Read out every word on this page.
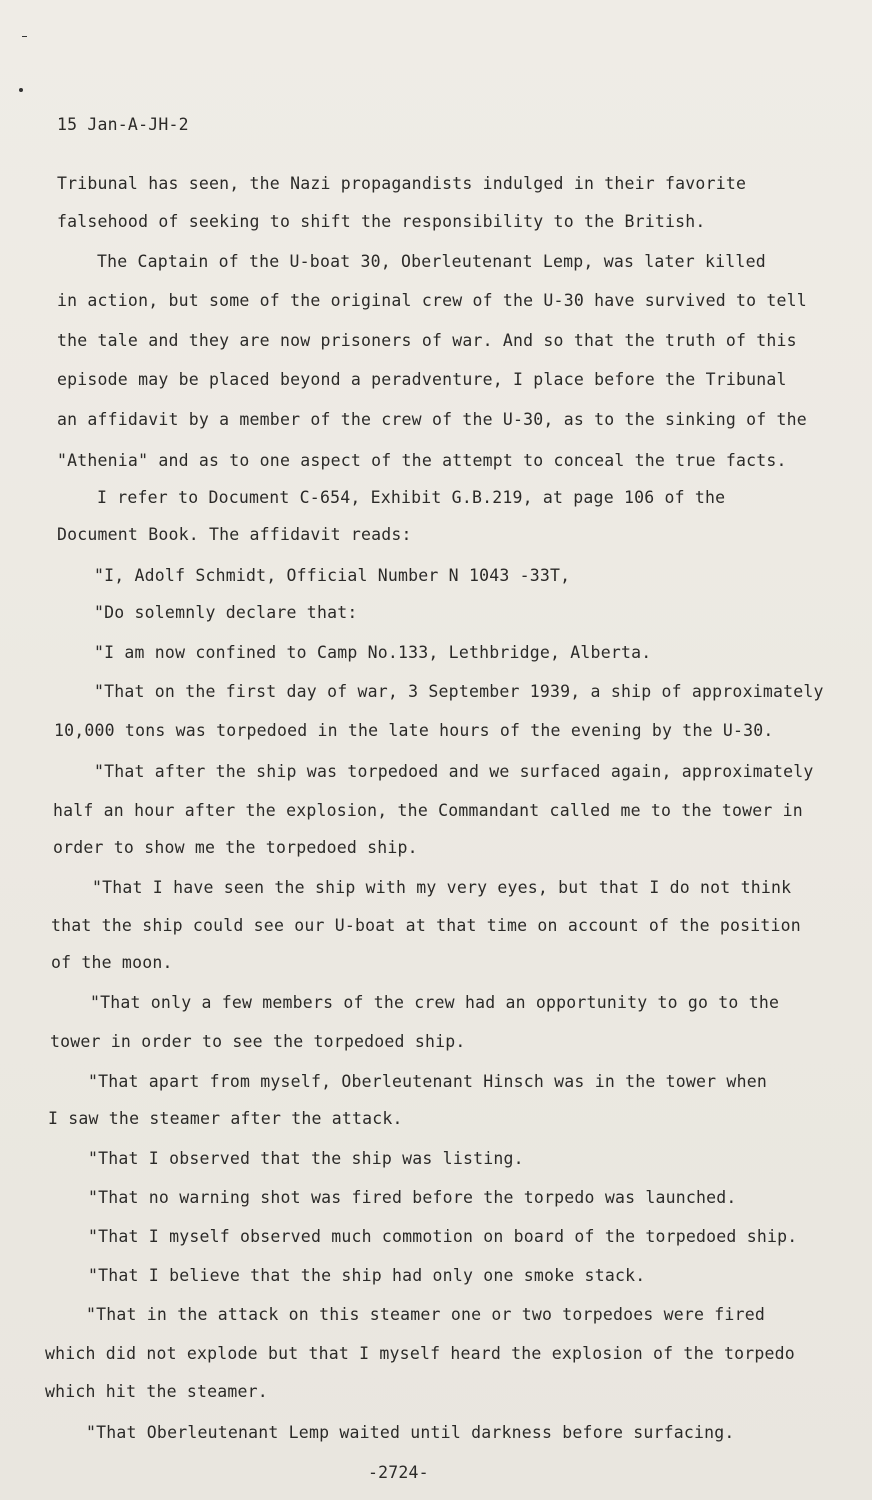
15 Jan-A-JH-2
Tribunal has seen, the Nazi propagandists indulged in their favorite
falsehood of seeking to shift the responsibility to the British.
The Captain of the U-boat 30, Oberleutenant Lemp, was later killed
in action, but some of the original crew of the U-30 have survived to tell
the tale and they are now prisoners of war. And so that the truth of this
episode may be placed beyond a peradventure, I place before the Tribunal
an affidavit by a member of the crew of the U-30, as to the sinking of the
"Athenia" and as to one aspect of the attempt to conceal the true facts.
I refer to Document C-654, Exhibit G.B.219, at page 106 of the
Document Book. The affidavit reads:
"I, Adolf Schmidt, Official Number N 1043 -33T,
"Do solemnly declare that:
"I am now confined to Camp No.133, Lethbridge, Alberta.
"That on the first day of war, 3 September 1939, a ship of approximately
10,000 tons was torpedoed in the late hours of the evening by the U-30.
"That after the ship was torpedoed and we surfaced again, approximately
half an hour after the explosion, the Commandant called me to the tower in
order to show me the torpedoed ship.
"That I have seen the ship with my very eyes, but that I do not think
that the ship could see our U-boat at that time on account of the position
of the moon.
"That only a few members of the crew had an opportunity to go to the
tower in order to see the torpedoed ship.
"That apart from myself, Oberleutenant Hinsch was in the tower when
I saw the steamer after the attack.
"That I observed that the ship was listing.
"That no warning shot was fired before the torpedo was launched.
"That I myself observed much commotion on board of the torpedoed ship.
"That I believe that the ship had only one smoke stack.
"That in the attack on this steamer one or two torpedoes were fired
which did not explode but that I myself heard the explosion of the torpedo
which hit the steamer.
"That Oberleutenant Lemp waited until darkness before surfacing.
-2724-
